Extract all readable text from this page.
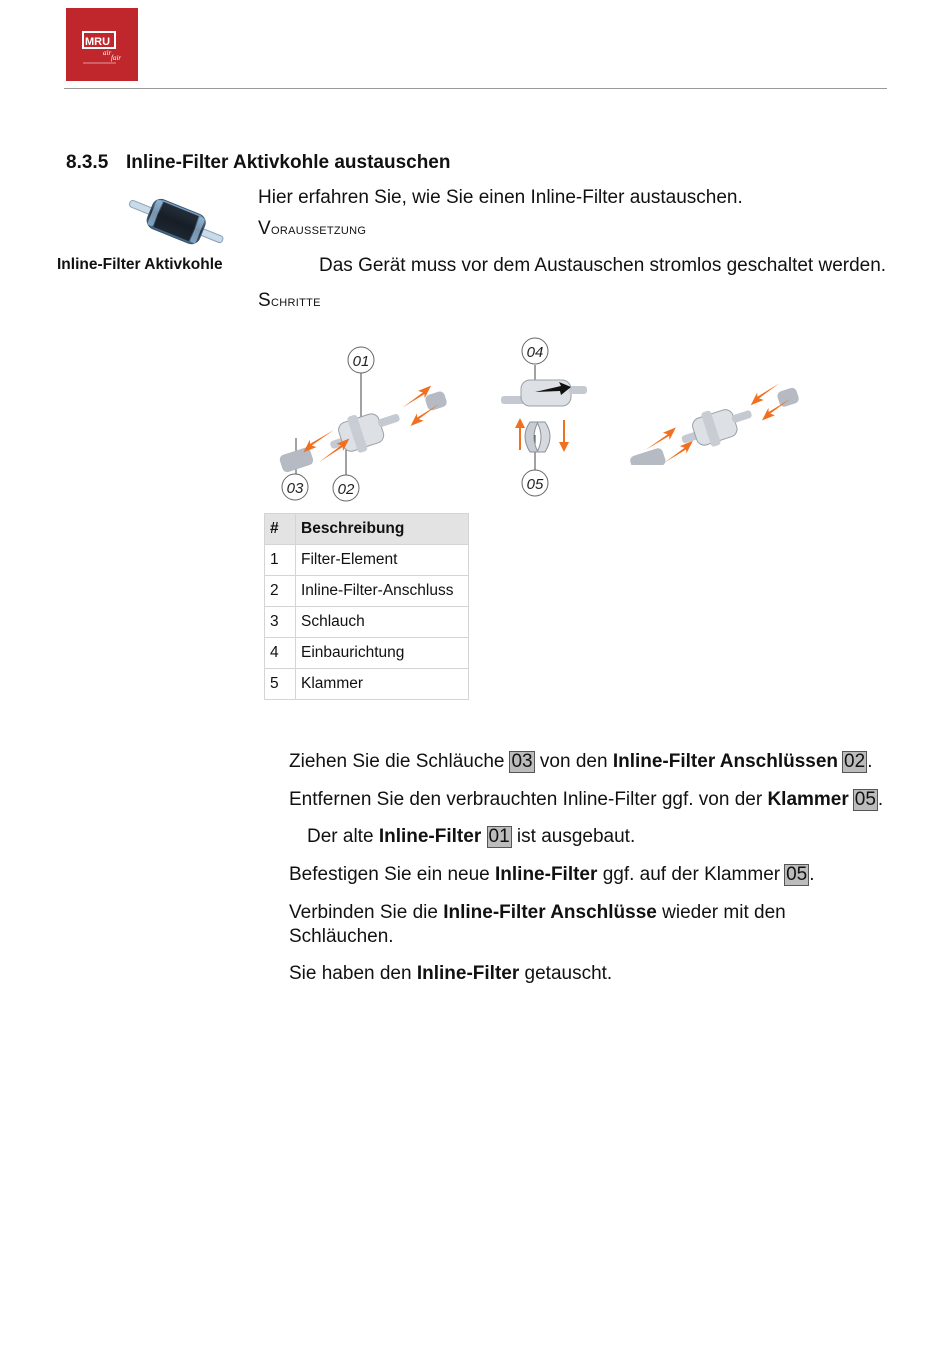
MRU
air
fair
8.3.5 Inline-Filter Aktivkohle austauschen
Inline-Filter Aktivkohle
Hier erfahren Sie, wie Sie einen Inline-Filter austauschen.
Voraussetzung
Das Gerät muss vor dem Austauschen stromlos geschaltet werden.
Schritte
01
03 02
04
05
#	Beschreibung
1	Filter-Element
2	Inline-Filter-Anschluss
3	Schlauch
4	Einbaurichtung
5	Klammer
Ziehen Sie die Schläuche 03 von den Inline-Filter Anschlüssen 02 .
Entfernen Sie den verbrauchten Inline-Filter ggf. von der Klammer 05 .
Der alte Inline-Filter 01 ist ausgebaut.
Befestigen Sie ein neue Inline-Filter ggf. auf der Klammer 05 .
Verbinden Sie die Inline-Filter Anschlüsse wieder mit den
Schläuchen.
Sie haben den Inline-Filter getauscht.
